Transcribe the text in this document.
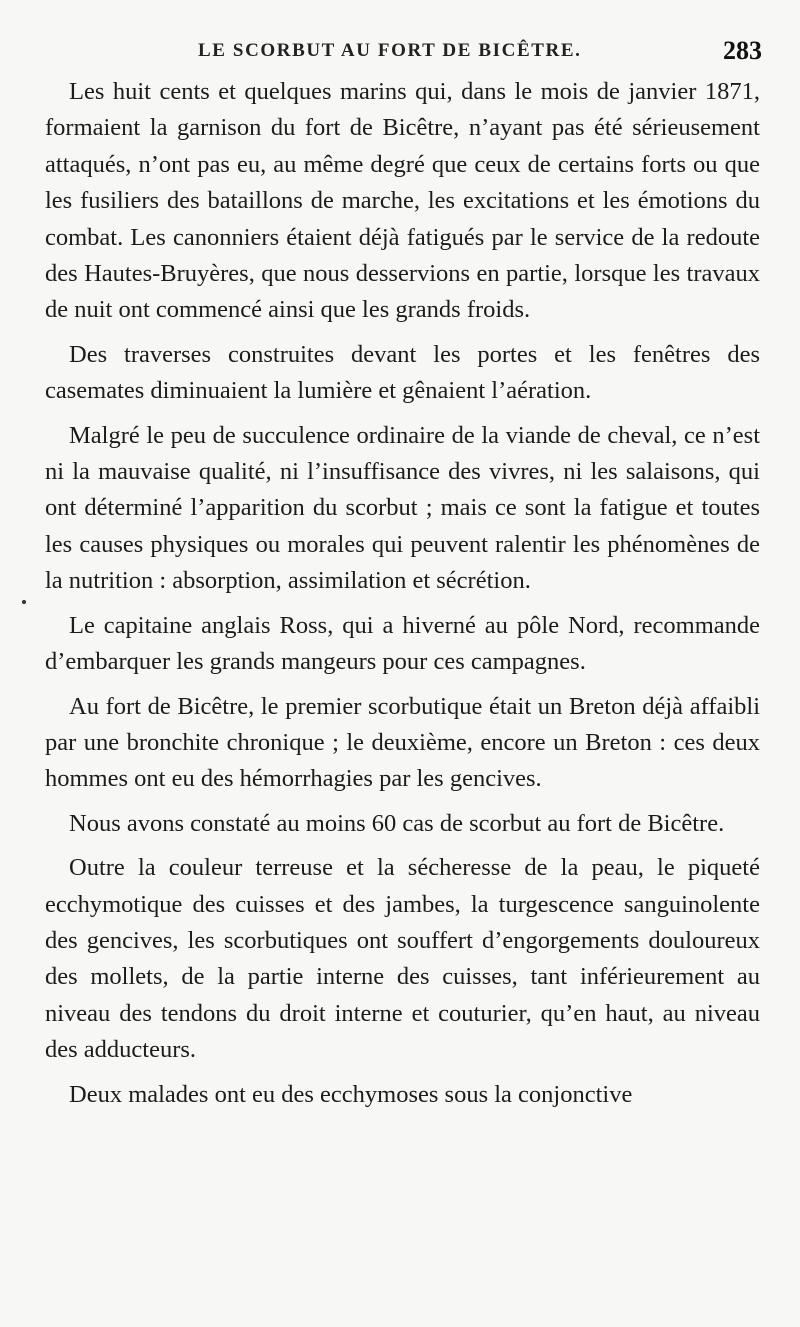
LE SCORBUT AU FORT DE BICÊTRE.	283

Les huit cents et quelques marins qui, dans le mois de janvier 1871, formaient la garnison du fort de Bicêtre, n’ayant pas été sérieusement attaqués, n’ont pas eu, au même degré que ceux de certains forts ou que les fusiliers des bataillons de marche, les excitations et les émotions du combat. Les canonniers étaient déjà fatigués par le service de la redoute des Hautes-Bruyères, que nous desservions en partie, lorsque les travaux de nuit ont commencé ainsi que les grands froids.

Des traverses construites devant les portes et les fenêtres des casemates diminuaient la lumière et gênaient l’aération.

Malgré le peu de succulence ordinaire de la viande de cheval, ce n’est ni la mauvaise qualité, ni l’insuffisance des vivres, ni les salaisons, qui ont déterminé l’apparition du scorbut ; mais ce sont la fatigue et toutes les causes physiques ou morales qui peuvent ralentir les phénomènes de la nutrition : absorption, assimilation et sécrétion.

Le capitaine anglais Ross, qui a hiverné au pôle Nord, recommande d’embarquer les grands mangeurs pour ces campagnes.

Au fort de Bicêtre, le premier scorbutique était un Breton déjà affaibli par une bronchite chronique ; le deuxième, encore un Breton : ces deux hommes ont eu des hémorrhagies par les gencives.

Nous avons constaté au moins 60 cas de scorbut au fort de Bicêtre.

Outre la couleur terreuse et la sécheresse de la peau, le piqueté ecchymotique des cuisses et des jambes, la turgescence sanguinolente des gencives, les scorbutiques ont souffert d’engorgements douloureux des mollets, de la partie interne des cuisses, tant inférieurement au niveau des tendons du droit interne et couturier, qu’en haut, au niveau des adducteurs.

Deux malades ont eu des ecchymoses sous la conjonctive
